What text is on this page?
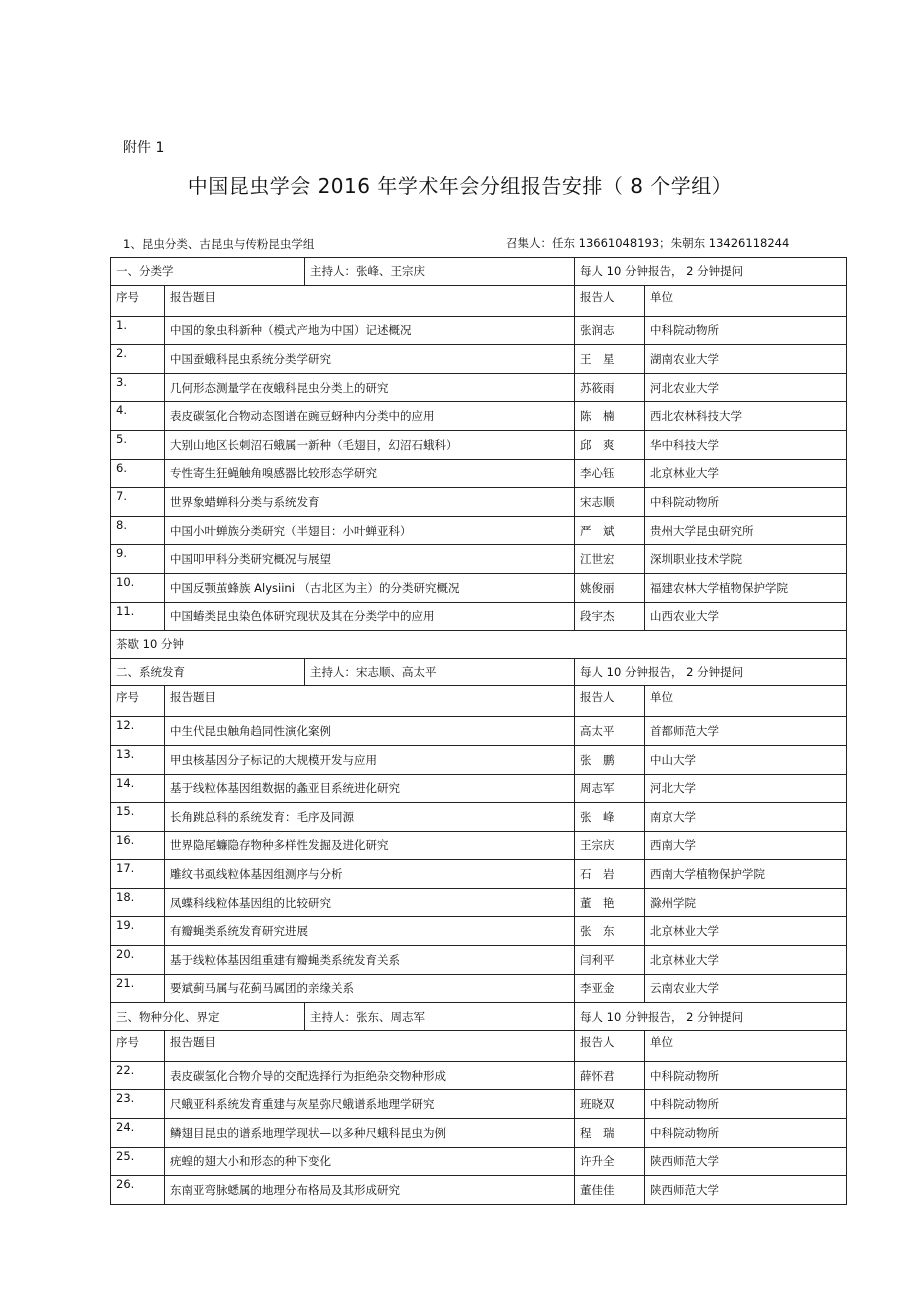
附件 1
中国昆虫学会 2016 年学术年会分组报告安排（ 8 个学组）
1、昆虫分类、古昆虫与传粉昆虫学组	召集人：任东 13661048193；朱朝东 13426118244
一、分类学		主持人：张峰、王宗庆	每人 10 分钟报告， 2 分钟提问	
序号	报告题目		报告人	单位
1.	中国的象虫科新种（模式产地为中国）记述概况		张润志	中科院动物所
2.	中国蚕蛾科昆虫系统分类学研究		王　星	湖南农业大学
3.	几何形态测量学在夜蛾科昆虫分类上的研究		苏筱雨	河北农业大学
4.	表皮碳氢化合物动态图谱在豌豆蚜种内分类中的应用		陈　楠	西北农林科技大学
5.	大别山地区长刺沼石蛾属一新种（毛翅目，幻沼石蛾科）		邱　爽	华中科技大学
6.	专性寄生狂蝇触角嗅感器比较形态学研究		李心钰	北京林业大学
7.	世界象蜡蝉科分类与系统发育		宋志顺	中科院动物所
8.	中国小叶蝉族分类研究（半翅目：小叶蝉亚科）		严　斌	贵州大学昆虫研究所
9.	中国叩甲科分类研究概况与展望		江世宏	深圳职业技术学院
10.	中国反颚茧蜂族 Alysiini （古北区为主）的分类研究概况		姚俊丽	福建农林大学植物保护学院
11.	中国蝽类昆虫染色体研究现状及其在分类学中的应用		段宇杰	山西农业大学
茶歇 10 分钟				
二、系统发育		主持人：宋志顺、高太平	每人 10 分钟报告， 2 分钟提问	
序号	报告题目		报告人	单位
12.	中生代昆虫触角趋同性演化案例		高太平	首都师范大学
13.	甲虫核基因分子标记的大规模开发与应用		张　鹏	中山大学
14.	基于线粒体基因组数据的螽亚目系统进化研究		周志军	河北大学
15.	长角跳总科的系统发育：毛序及同源		张　峰	南京大学
16.	世界隐尾蠊隐存物种多样性发掘及进化研究		王宗庆	西南大学
17.	雕纹书虱线粒体基因组测序与分析		石　岩	西南大学植物保护学院
18.	凤蝶科线粒体基因组的比较研究		董　艳	滁州学院
19.	有瓣蝇类系统发育研究进展		张　东	北京林业大学
20.	基于线粒体基因组重建有瓣蝇类系统发育关系		闫利平	北京林业大学
21.	要斌蓟马属与花蓟马属团的亲缘关系		李亚金	云南农业大学
三、物种分化、界定		主持人：张东、周志军	每人 10 分钟报告， 2 分钟提问	
序号	报告题目		报告人	单位
22.	表皮碳氢化合物介导的交配选择行为拒绝杂交物种形成		薛怀君	中科院动物所
23.	尺蛾亚科系统发育重建与灰星弥尺蛾谱系地理学研究		班晓双	中科院动物所
24.	鳞翅目昆虫的谱系地理学现状—以多种尺蛾科昆虫为例		程　瑞	中科院动物所
25.	疣蝗的翅大小和形态的种下变化		许升全	陕西师范大学
26.	东南亚弯脉蟋属的地理分布格局及其形成研究		董佳佳	陕西师范大学
